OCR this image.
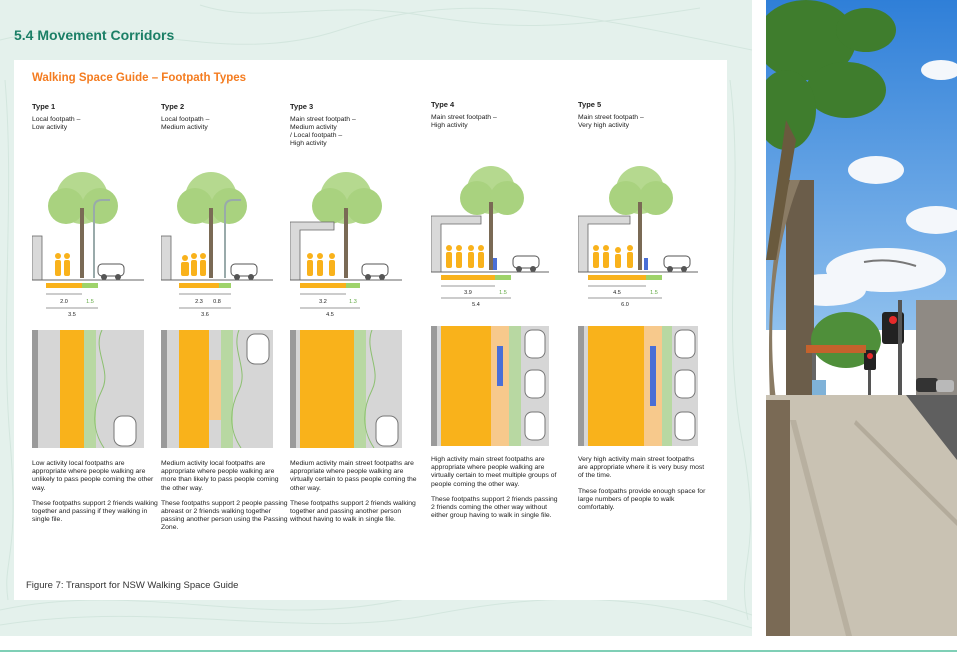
5.4 Movement Corridors
Walking Space Guide – Footpath Types
Type 1
Local footpath –
Low activity
Type 2
Local footpath –
Medium activity
Type 3
Main street footpath –
Medium activity
/ Local footpath –
High activity
Type 4
Main street footpath –
High activity
Type 5
Main street footpath –
Very high activity
2.0	1.5
3.5
2.3 0.8
3.6
3.2	1.3
4.5
3.9	1.5
5.4
4.5	1.5
6.0

Low activity local footpaths are appropriate where people walking are unlikely to pass people coming the other way.

These footpaths support 2 friends walking together and passing if they walking in single file.

Medium activity local footpaths are appropriate where people walking are more than likely to pass people coming the other way.

These footpaths support 2 people passing abreast or 2 friends walking together passing another person using the Passing Zone.

Medium activity main street footpaths are appropriate where people walking are virtually certain to pass people coming the other way.

These footpaths support 2 friends walking together and passing another person without having to walk in single file.

High activity main street footpaths are appropriate where people walking are virtually certain to meet multiple groups of people coming the other way.

These footpaths support 2 friends passing 2 friends coming the other way without either group having to walk in single file.

Very high activity main street footpaths are appropriate where it is very busy most of the time.

These footpaths provide enough space for large numbers of people to walk comfortably.

Figure 7: Transport for NSW Walking Space Guide
